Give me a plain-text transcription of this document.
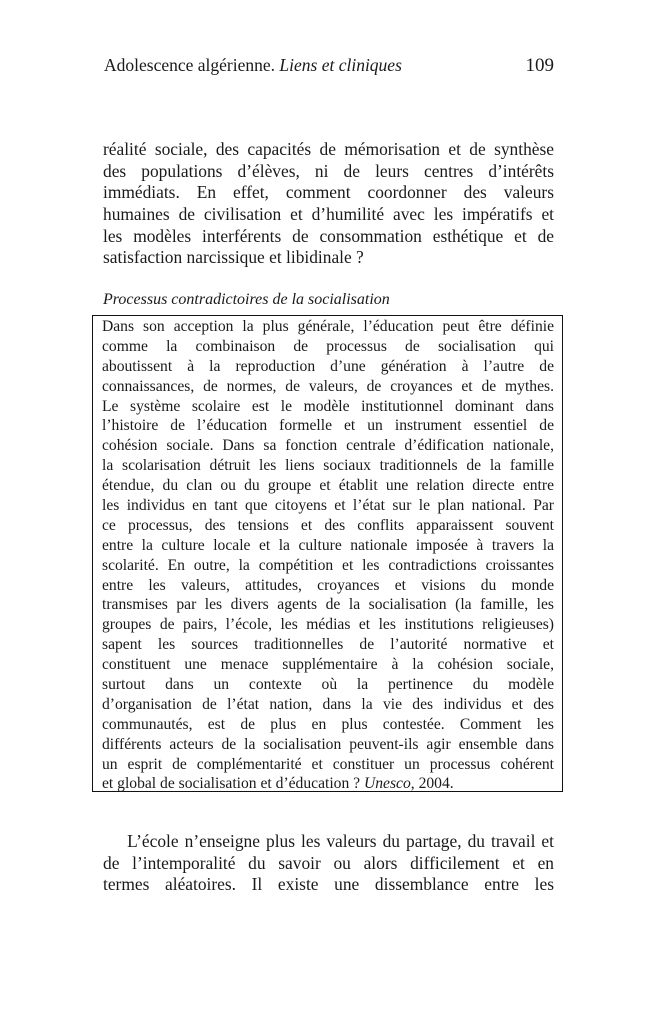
Adolescence algérienne. Liens et cliniques	109
réalité sociale, des capacités de mémorisation et de synthèse
des populations d’élèves, ni de leurs centres d’intérêts
immédiats. En effet, comment coordonner des valeurs
humaines de civilisation et d’humilité avec les impératifs et
les modèles interférents de consommation esthétique et de
satisfaction narcissique et libidinale ?
Processus contradictoires de la socialisation
Dans son acception la plus générale, l’éducation peut être définie
comme la combinaison de processus de socialisation qui
aboutissent à la reproduction d’une génération à l’autre de
connaissances, de normes, de valeurs, de croyances et de mythes.
Le système scolaire est le modèle institutionnel dominant dans
l’histoire de l’éducation formelle et un instrument essentiel de
cohésion sociale. Dans sa fonction centrale d’édification nationale,
la scolarisation détruit les liens sociaux traditionnels de la famille
étendue, du clan ou du groupe et établit une relation directe entre
les individus en tant que citoyens et l’état sur le plan national. Par
ce processus, des tensions et des conflits apparaissent souvent
entre la culture locale et la culture nationale imposée à travers la
scolarité. En outre, la compétition et les contradictions croissantes
entre les valeurs, attitudes, croyances et visions du monde
transmises par les divers agents de la socialisation (la famille, les
groupes de pairs, l’école, les médias et les institutions religieuses)
sapent les sources traditionnelles de l’autorité normative et
constituent une menace supplémentaire à la cohésion sociale,
surtout dans un contexte où la pertinence du modèle
d’organisation de l’état nation, dans la vie des individus et des
communautés, est de plus en plus contestée. Comment les
différents acteurs de la socialisation peuvent-ils agir ensemble dans
un esprit de complémentarité et constituer un processus cohérent
et global de socialisation et d’éducation ? Unesco, 2004.
L’école n’enseigne plus les valeurs du partage, du travail et
de l’intemporalité du savoir ou alors difficilement et en
termes aléatoires. Il existe une dissemblance entre les
